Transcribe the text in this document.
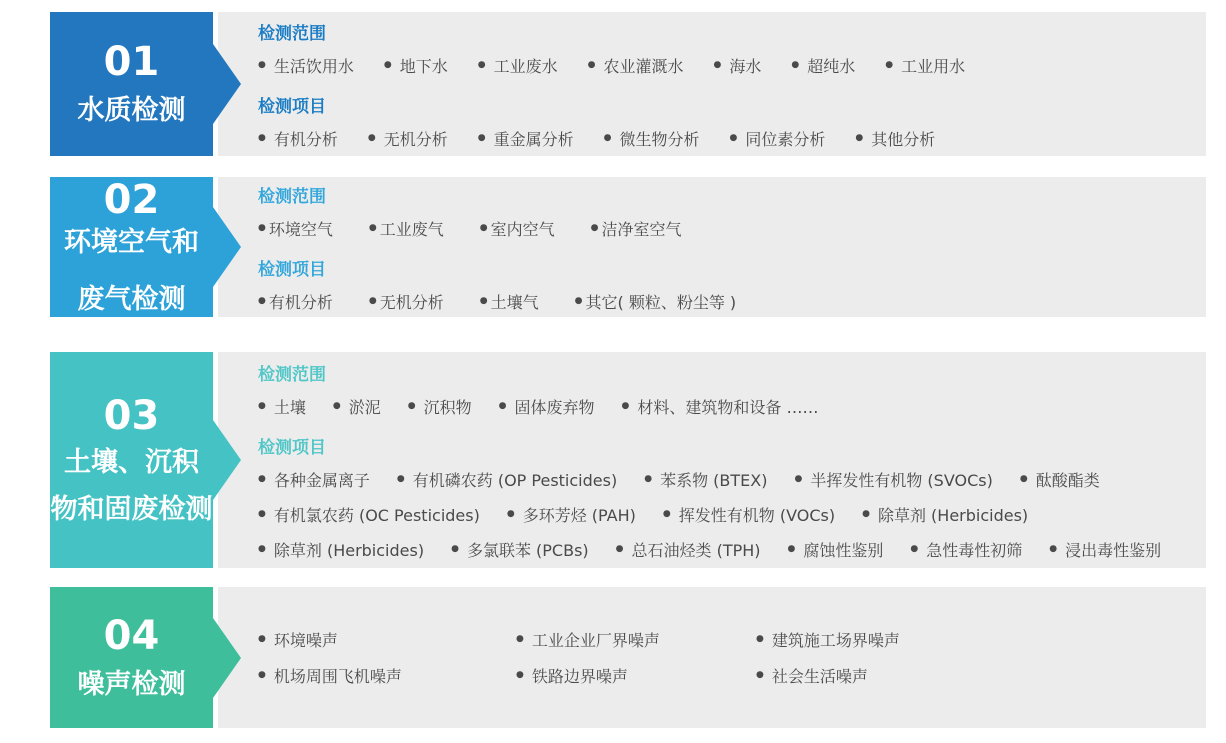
01
水质检测
检测范围
● 生活饮用水	● 地下水	● 工业废水	● 农业灌溉水	● 海水	● 超纯水	● 工业用水
检测项目
● 有机分析	● 无机分析	● 重金属分析	● 微生物分析	● 同位素分析	● 其他分析
02
环境空气和
废气检测
检测范围
● 环境空气	● 工业废气	● 室内空气	● 洁净室空气
检测项目
● 有机分析	● 无机分析	● 土壤气	● 其它( 颗粒、粉尘等 )
03
土壤、沉积
物和固废检测
检测范围
● 土壤	● 淤泥	● 沉积物	● 固体废弃物	● 材料、建筑物和设备 ……
检测项目
● 各种金属离子	● 有机磷农药 (OP Pesticides)	● 苯系物 (BTEX)	● 半挥发性有机物 (SVOCs)	● 酞酸酯类
● 有机氯农药 (OC Pesticides)	● 多环芳烃 (PAH)	● 挥发性有机物 (VOCs)	● 除草剂 (Herbicides)
● 除草剂 (Herbicides)	● 多氯联苯 (PCBs)	● 总石油烃类 (TPH)	● 腐蚀性鉴别	● 急性毒性初筛	● 浸出毒性鉴别
04
噪声检测
● 环境噪声	● 工业企业厂界噪声	● 建筑施工场界噪声
● 机场周围飞机噪声	● 铁路边界噪声	● 社会生活噪声
